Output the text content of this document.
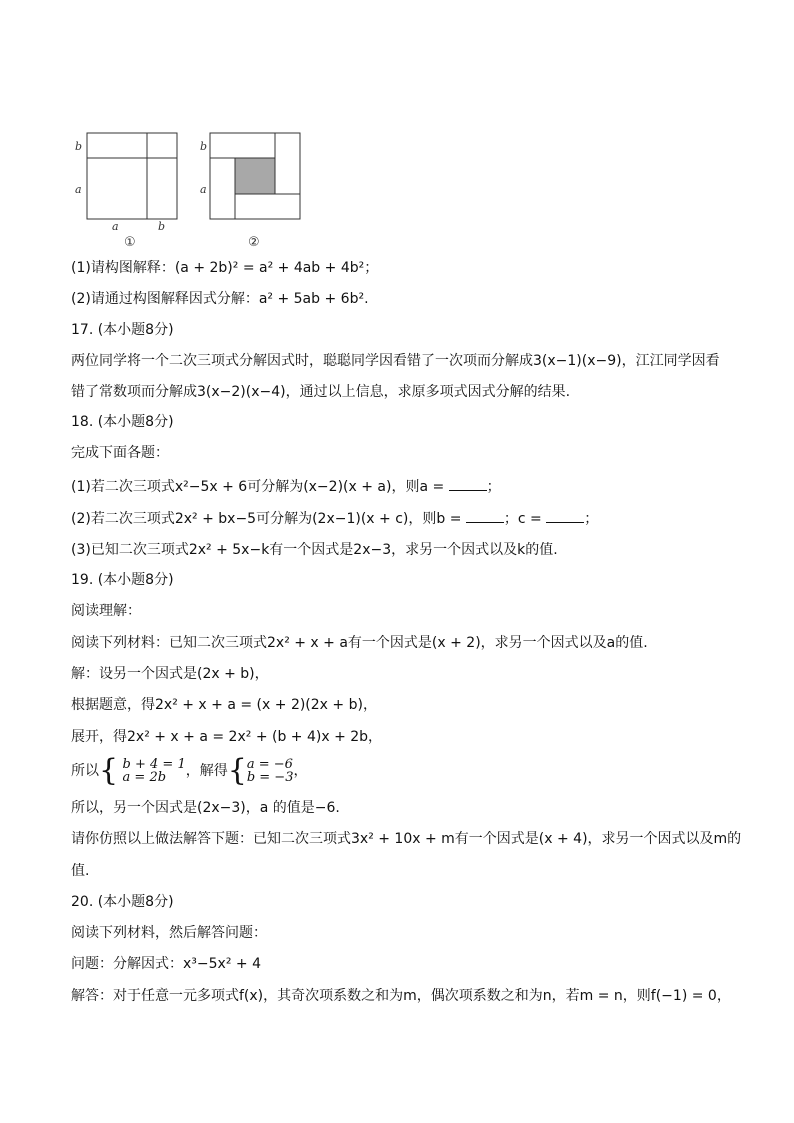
b
a
a	b
①
b
a
②
(1)请构图解释：(a + 2b)² = a² + 4ab + 4b²；
(2)请通过构图解释因式分解：a² + 5ab + 6b².
17. (本小题8分)
两位同学将一个二次三项式分解因式时，聪聪同学因看错了一次项而分解成3(x−1)(x−9)，江江同学因看
错了常数项而分解成3(x−2)(x−4)，通过以上信息，求原多项式因式分解的结果.
18. (本小题8分)
完成下面各题：
(1)若二次三项式x²−5x + 6可分解为(x−2)(x + a)，则a =	；
(2)若二次三项式2x² + bx−5可分解为(2x−1)(x + c)，则b =	；c =	；
(3)已知二次三项式2x² + 5x−k有一个因式是2x−3，求另一个因式以及k的值.
19. (本小题8分)
阅读理解：
阅读下列材料：已知二次三项式2x² + x + a有一个因式是(x + 2)，求另一个因式以及a的值.
解：设另一个因式是(2x + b)，
根据题意，得2x² + x + a = (x + 2)(2x + b)，
展开，得2x² + x + a = 2x² + (b + 4)x + 2b，
所以{ b + 4 = 1
a = 2b ，解得{a = −6
b = −3，
所以，另一个因式是(2x−3)，a 的值是−6.
请你仿照以上做法解答下题：已知二次三项式3x² + 10x + m有一个因式是(x + 4)，求另一个因式以及m的
值.
20. (本小题8分)
阅读下列材料，然后解答问题：
问题：分解因式：x³−5x² + 4
解答：对于任意一元多项式f(x)，其奇次项系数之和为m，偶次项系数之和为n，若m = n，则f(−1) = 0，
